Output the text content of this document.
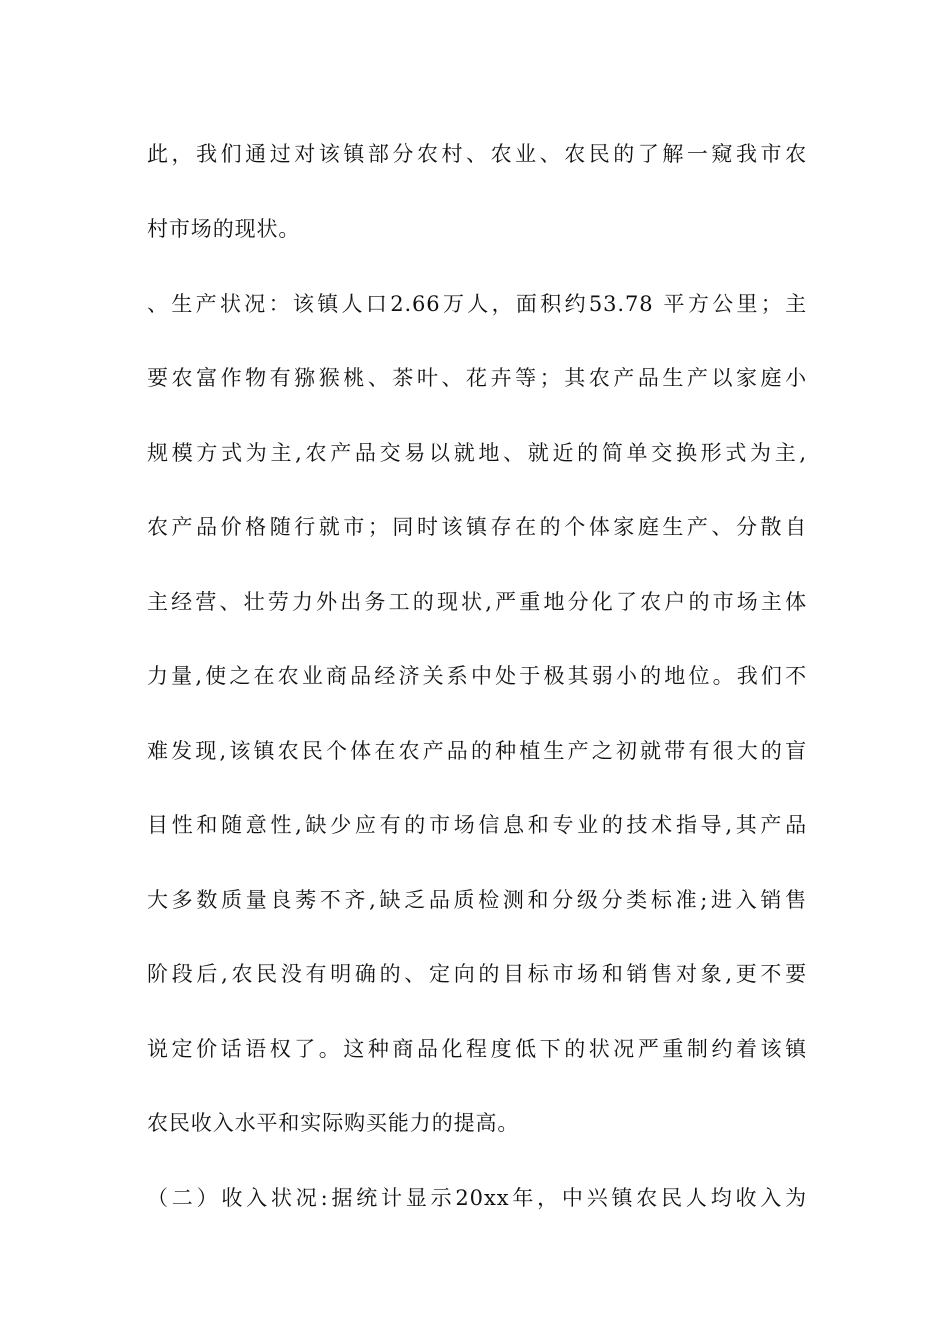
此，我们通过对该镇部分农村、农业、农民的了解一窥我市农
村市场的现状。
、生产状况：该镇人口2.66万人，面积约53.78 平方公里；主
要农富作物有猕猴桃、茶叶、花卉等；其农产品生产以家庭小
规模方式为主,农产品交易以就地、就近的简单交换形式为主,
农产品价格随行就市；同时该镇存在的个体家庭生产、分散自
主经营、壮劳力外出务工的现状,严重地分化了农户的市场主体
力量,使之在农业商品经济关系中处于极其弱小的地位。我们不
难发现,该镇农民个体在农产品的种植生产之初就带有很大的盲
目性和随意性,缺少应有的市场信息和专业的技术指导,其产品
大多数质量良莠不齐,缺乏品质检测和分级分类标准;进入销售
阶段后,农民没有明确的、定向的目标市场和销售对象,更不要
说定价话语权了。这种商品化程度低下的状况严重制约着该镇
农民收入水平和实际购买能力的提高。
（二）收入状况:据统计显示20xx年，中兴镇农民人均收入为
